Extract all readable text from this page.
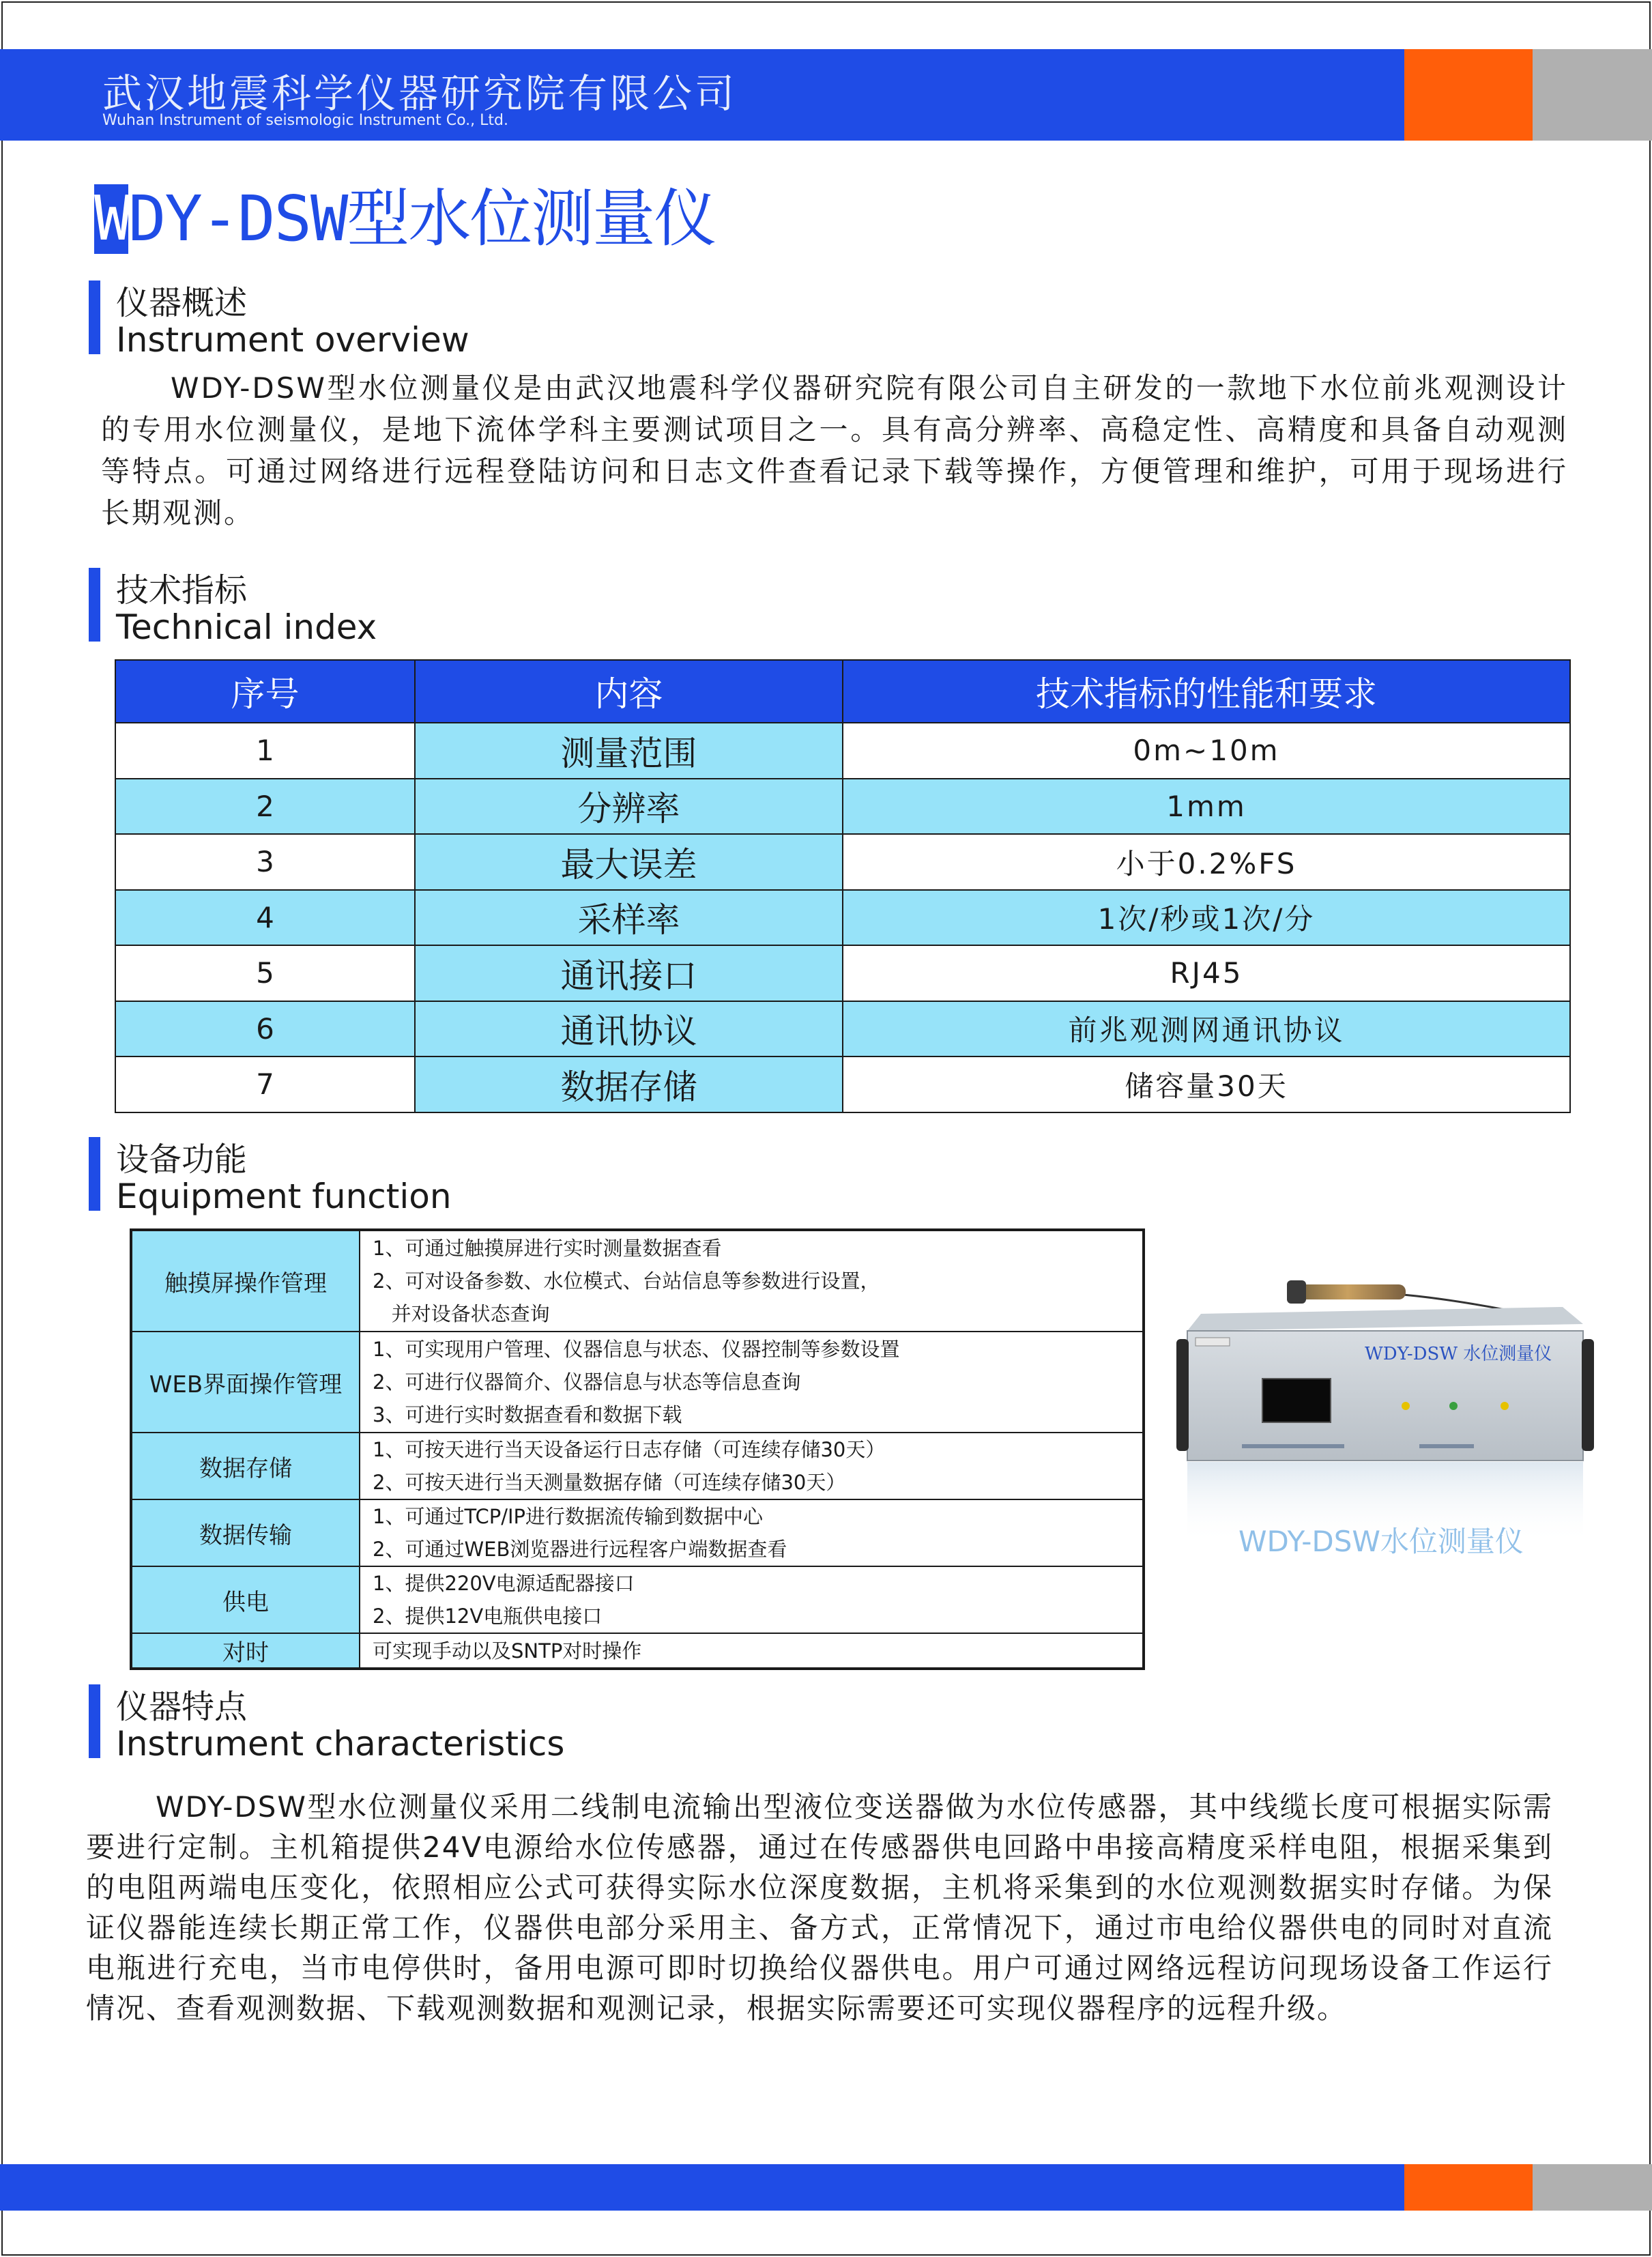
武汉地震科学仪器研究院有限公司
Wuhan Instrument of seismologic Instrument Co., Ltd.
WDY-DSW型水位测量仪
仪器概述
Instrument overview
WDY-DSW型水位测量仪是由武汉地震科学仪器研究院有限公司自主研发的一款地下水位前兆观测设计的专用水位测量仪，是地下流体学科主要测试项目之一。具有高分辨率、高稳定性、高精度和具备自动观测等特点。可通过网络进行远程登陆访问和日志文件查看记录下载等操作，方便管理和维护，可用于现场进行长期观测。
技术指标
Technical index
序号	内容	技术指标的性能和要求
1	测量范围	0m~10m
2	分辨率	1mm
3	最大误差	小于0.2%FS
4	采样率	1次/秒或1次/分
5	通讯接口	RJ45
6	通讯协议	前兆观测网通讯协议
7	数据存储	储容量30天
设备功能
Equipment function
触摸屏操作管理	1、可通过触摸屏进行实时测量数据查看
2、可对设备参数、水位模式、台站信息等参数进行设置，
并对设备状态查询

WEB界面操作管理	1、可实现用户管理、仪器信息与状态、仪器控制等参数设置
2、可进行仪器简介、仪器信息与状态等信息查询
3、可进行实时数据查看和数据下载

数据存储	1、可按天进行当天设备运行日志存储（可连续存储30天）
2、可按天进行当天测量数据存储（可连续存储30天）

数据传输	1、可通过TCP/IP进行数据流传输到数据中心
2、可通过WEB浏览器进行远程客户端数据查看

供电	1、提供220V电源适配器接口
2、提供12V电瓶供电接口

对时	可实现手动以及SNTP对时操作
WDY-DSW 水位测量仪
WDY-DSW水位测量仪
仪器特点
Instrument characteristics
WDY-DSW型水位测量仪采用二线制电流输出型液位变送器做为水位传感器，其中线缆长度可根据实际需要进行定制。主机箱提供24V电源给水位传感器，通过在传感器供电回路中串接高精度采样电阻，根据采集到的电阻两端电压变化，依照相应公式可获得实际水位深度数据，主机将采集到的水位观测数据实时存储。为保证仪器能连续长期正常工作，仪器供电部分采用主、备方式，正常情况下，通过市电给仪器供电的同时对直流电瓶进行充电，当市电停供时，备用电源可即时切换给仪器供电。用户可通过网络远程访问现场设备工作运行情况、查看观测数据、下载观测数据和观测记录，根据实际需要还可实现仪器程序的远程升级。
